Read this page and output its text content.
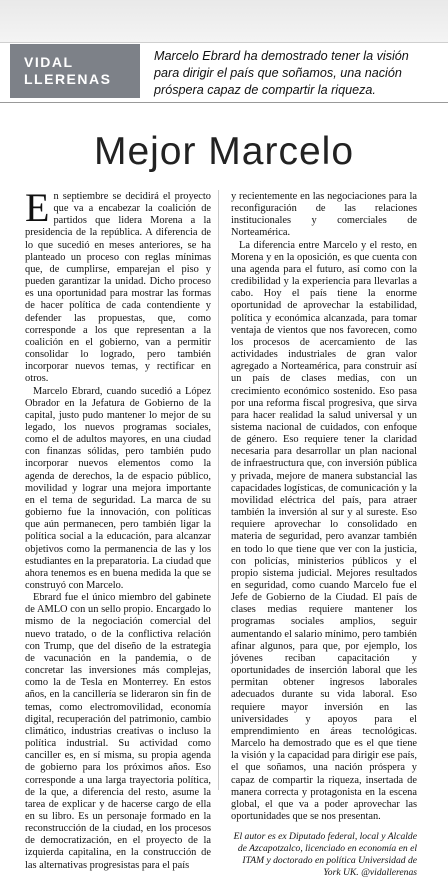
VIDAL
LLERENAS
Marcelo Ebrard ha demostrado tener la visión para dirigir el país que soñamos, una nación próspera capaz de compartir la riqueza.
Mejor Marcelo

En septiembre se decidirá el proyecto que va a encabezar la coalición de partidos que lidera Morena a la presidencia de la república. A diferencia de lo que sucedió en meses anteriores, se ha planteado un proceso con reglas mínimas que, de cumplirse, emparejan el piso y pueden garantizar la unidad. Dicho proceso es una oportunidad para mostrar las formas de hacer política de cada contendiente y defender las propuestas, que, como corresponde a los que representan a la coalición en el gobierno, van a permitir consolidar lo logrado, pero también incorporar nuevos temas, y rectificar en otros.

Marcelo Ebrard, cuando sucedió a López Obrador en la Jefatura de Gobierno de la capital, justo pudo mantener lo mejor de su legado, los nuevos programas sociales, como el de adultos mayores, en una ciudad con finanzas sólidas, pero también pudo incorporar nuevos elementos como la agenda de derechos, la de espacio público, movilidad y lograr una mejora importante en el tema de seguridad. La marca de su gobierno fue la innovación, con políticas que aún permanecen, pero también ligar la política social a la educación, para alcanzar objetivos como la permanencia de las y los estudiantes en la preparatoria. La ciudad que ahora tenemos es en buena medida la que se construyó con Marcelo.

Ebrard fue el único miembro del gabinete de AMLO con un sello propio. Encargado lo mismo de la negociación comercial del nuevo tratado, o de la conflictiva relación con Trump, que del diseño de la estrategia de vacunación en la pandemia, o de concretar las inversiones más complejas, como la de Tesla en Monterrey. En estos años, en la cancillería se lideraron sin fin de temas, como electromovilidad, economía digital, recuperación del patrimonio, cambio climático, industrias creativas o incluso la política industrial. Su actividad como canciller es, en sí misma, su propia agenda de gobierno para los próximos años. Eso corresponde a una larga trayectoria política, de la que, a diferencia del resto, asume la tarea de explicar y de hacerse cargo de ella en su libro. Es un personaje formado en la reconstrucción de la ciudad, en los procesos de democratización, en el proyecto de la izquierda capitalina, en la construcción de las alternativas progresistas para el país

y recientemente en las negociaciones para la reconfiguración de las relaciones institucionales y comerciales de Norteamérica.

La diferencia entre Marcelo y el resto, en Morena y en la oposición, es que cuenta con una agenda para el futuro, así como con la credibilidad y la experiencia para llevarlas a cabo. Hoy el país tiene la enorme oportunidad de aprovechar la estabilidad, política y económica alcanzada, para tomar ventaja de vientos que nos favorecen, como los procesos de acercamiento de las actividades industriales de gran valor agregado a Norteamérica, para construir así un país de clases medias, con un crecimiento económico sostenido. Eso pasa por una reforma fiscal progresiva, que sirva para hacer realidad la salud universal y un sistema nacional de cuidados, con enfoque de género. Eso requiere tener la claridad necesaria para desarrollar un plan nacional de infraestructura que, con inversión pública y privada, mejore de manera substancial las capacidades logísticas, de comunicación y la movilidad eléctrica del país, para atraer también la inversión al sur y al sureste. Eso requiere aprovechar lo consolidado en materia de seguridad, pero avanzar también en todo lo que tiene que ver con la justicia, con policías, ministerios públicos y el propio sistema judicial. Mejores resultados en seguridad, como cuando Marcelo fue el Jefe de Gobierno de la Ciudad. El país de clases medias requiere mantener los programas sociales amplios, seguir aumentando el salario mínimo, pero también afinar algunos, para que, por ejemplo, los jóvenes reciban capacitación y oportunidades de inserción laboral que les permitan obtener ingresos laborales adecuados durante su vida laboral. Eso requiere mayor inversión en las universidades y apoyos para el emprendimiento en áreas tecnológicas. Marcelo ha demostrado que es el que tiene la visión y la capacidad para dirigir ese país, el que soñamos, una nación próspera y capaz de compartir la riqueza, insertada de manera correcta y protagonista en la escena global, el que va a poder aprovechar las oportunidades que se nos presentan.

El autor es ex Diputado federal, local y Alcalde de Azcapotzalco, licenciado en economía en el ITAM y doctorado en política Universidad de York UK. @vidallerenas
